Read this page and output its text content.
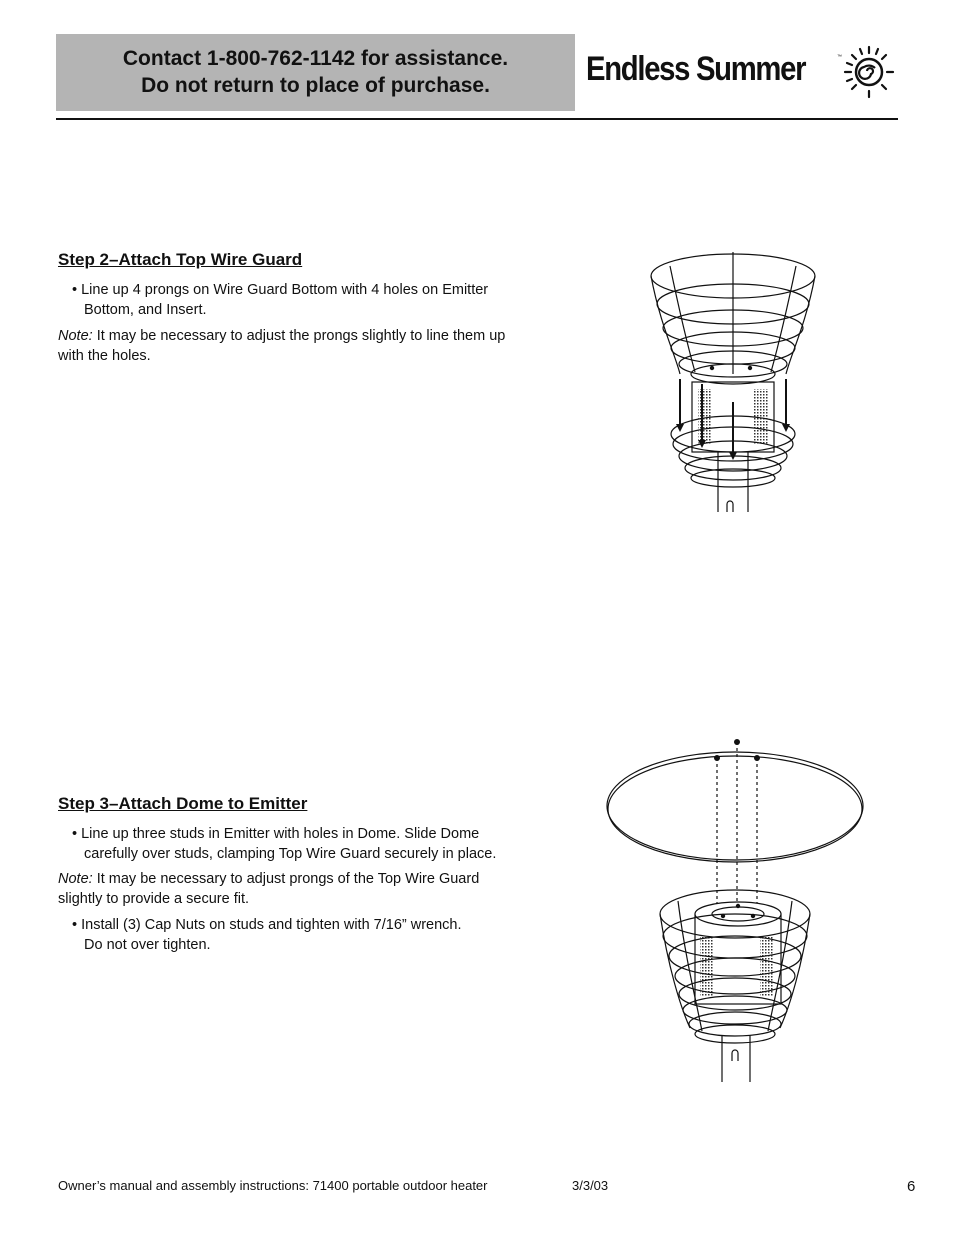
Contact 1-800-762-1142 for assistance.
Do not return to place of purchase.	Endless Summer	™
Step 2–Attach Top Wire Guard
• Line up 4 prongs on Wire Guard Bottom with 4 holes on Emitter
Bottom, and Insert.
Note: It may be necessary to adjust the prongs slightly to line them up
with the holes.
Step 3–Attach Dome to Emitter
• Line up three studs in Emitter with holes in Dome. Slide Dome
carefully over studs, clamping Top Wire Guard securely in place.
Note: It may be necessary to adjust prongs of the Top Wire Guard
slightly to provide a secure fit.
• Install (3) Cap Nuts on studs and tighten with 7/16” wrench.
Do not over tighten.
Owner’s manual and assembly instructions: 71400 portable outdoor heater	3/3/03	6
